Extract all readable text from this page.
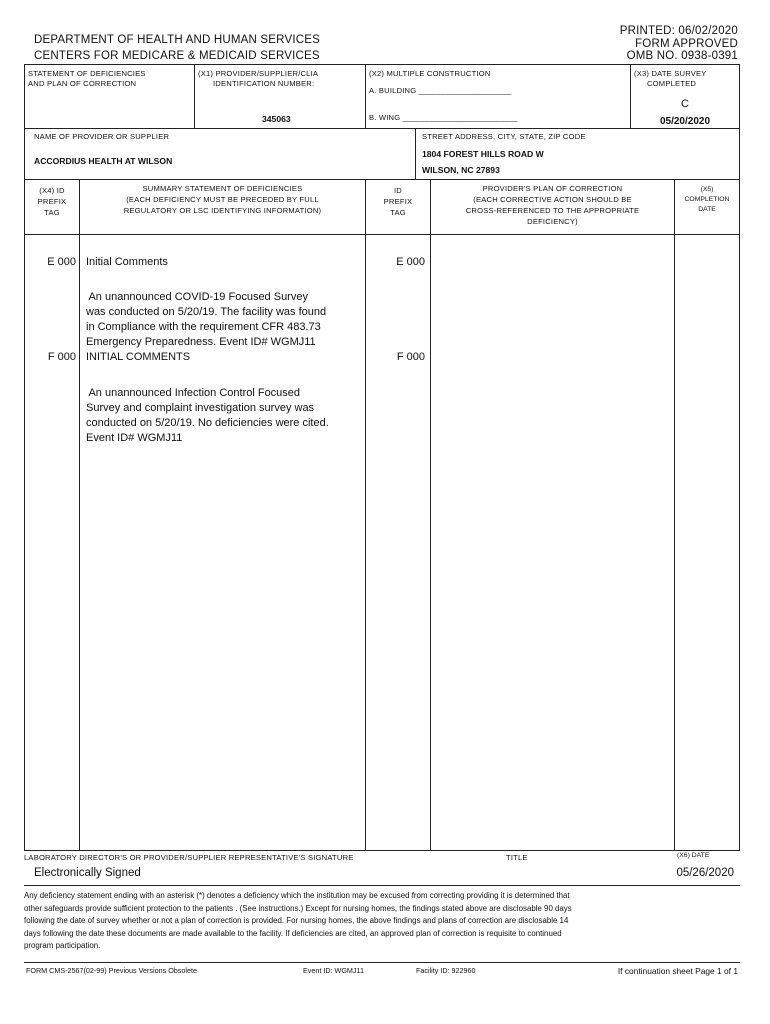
PRINTED: 06/02/2020
FORM APPROVED
OMB NO. 0938-0391
DEPARTMENT OF HEALTH AND HUMAN SERVICES
CENTERS FOR MEDICARE & MEDICAID SERVICES
STATEMENT OF DEFICIENCIES
AND PLAN OF CORRECTION
(X1) PROVIDER/SUPPLIER/CLIA
IDENTIFICATION NUMBER:
345063
(X2) MULTIPLE CONSTRUCTION
A. BUILDING _____________________
B. WING __________________________
(X3) DATE SURVEY
COMPLETED
C
05/20/2020
NAME OF PROVIDER OR SUPPLIER
ACCORDIUS HEALTH AT WILSON
STREET ADDRESS, CITY, STATE, ZIP CODE
1804 FOREST HILLS ROAD W
WILSON, NC 27893
(X4) ID
PREFIX
TAG
SUMMARY STATEMENT OF DEFICIENCIES
(EACH DEFICIENCY MUST BE PRECEDED BY FULL
REGULATORY OR LSC IDENTIFYING INFORMATION)
ID
PREFIX
TAG
PROVIDER'S PLAN OF CORRECTION
(EACH CORRECTIVE ACTION SHOULD BE
CROSS-REFERENCED TO THE APPROPRIATE
DEFICIENCY)
(X5)
COMPLETION
DATE
E 000 Initial Comments	E 000
An unannounced COVID-19 Focused Survey
was conducted on 5/20/19. The facility was found
in Compliance with the requirement CFR 483.73
Emergency Preparedness. Event ID# WGMJ11
F 000 INITIAL COMMENTS	F 000
An unannounced Infection Control Focused
Survey and complaint investigation survey was
conducted on 5/20/19. No deficiencies were cited.
Event ID# WGMJ11
LABORATORY DIRECTOR'S OR PROVIDER/SUPPLIER REPRESENTATIVE'S SIGNATURE	TITLE	(X6) DATE
Electronically Signed	05/26/2020
Any deficiency statement ending with an asterisk (*) denotes a deficiency which the institution may be excused from correcting providing it is determined that
other safeguards provide sufficient protection to the patients . (See instructions.) Except for nursing homes, the findings stated above are disclosable 90 days
following the date of survey whether or not a plan of correction is provided. For nursing homes, the above findings and plans of correction are disclosable 14
days following the date these documents are made available to the facility. If deficiencies are cited, an approved plan of correction is requisite to continued
program participation.
FORM CMS-2567(02-99) Previous Versions Obsolete	Event ID: WGMJ11	Facility ID: 922960	If continuation sheet Page 1 of 1
